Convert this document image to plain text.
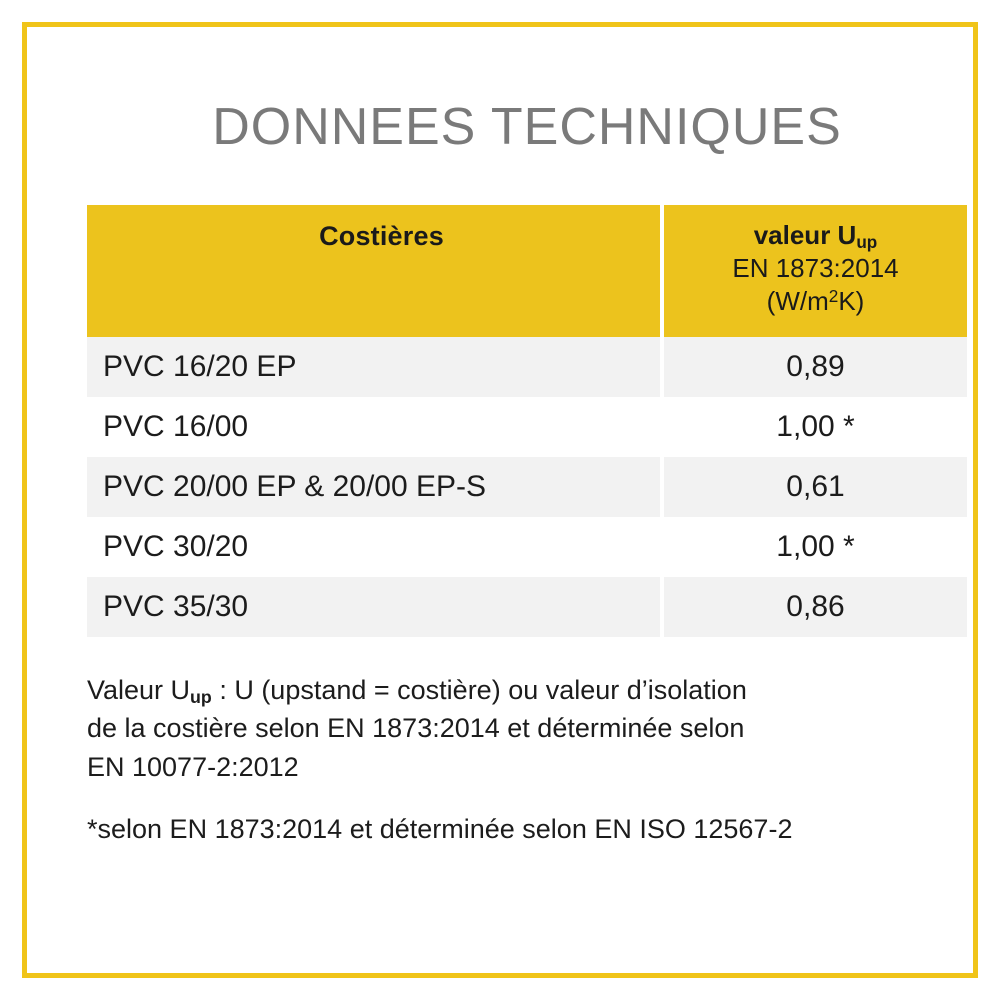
DONNEES TECHNIQUES
Costières	valeur Uup
EN 1873:2014
$(W/m^2K)$

PVC 16/20 EP	0,89
PVC 16/00	1,00 *
PVC 20/00 EP & 20/00 EP-S	0,61
PVC 30/20	1,00 *
PVC 35/30	0,86

Valeur Uup : U (upstand = costière) ou valeur d’isolation

de la costière selon EN 1873:2014 et déterminée selon

EN 10077-2:2012

*selon EN 1873:2014 et déterminée selon EN ISO 12567-2
